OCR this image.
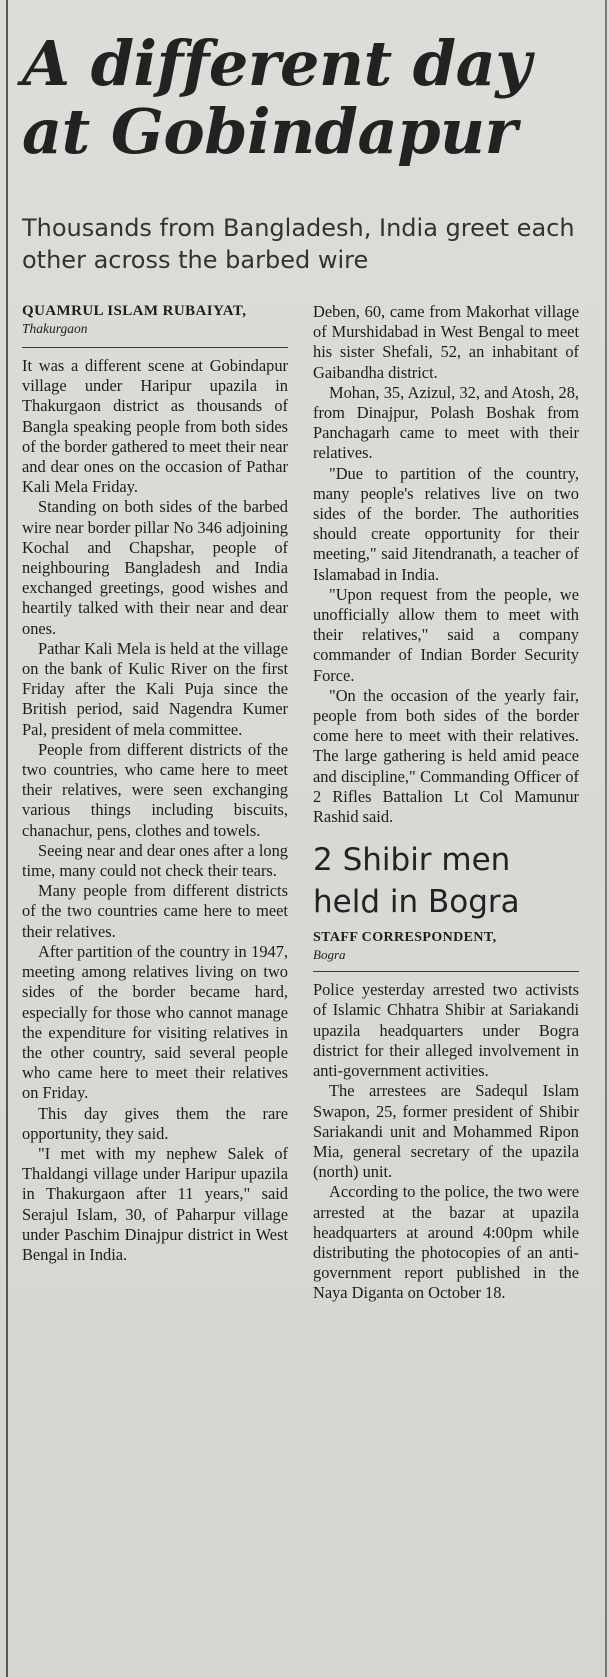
A different day at Gobindapur
Thousands from Bangladesh, India greet each other across the barbed wire

QUAMRUL ISLAM RUBAIYAT,

Thakurgaon

It was a different scene at Gobindapur village under Haripur upazila in Thakurgaon district as thousands of Bangla speaking people from both sides of the border gathered to meet their near and dear ones on the occasion of Pathar Kali Mela Friday.

Standing on both sides of the barbed wire near border pillar No 346 adjoining Kochal and Chapshar, people of neighbouring Bangladesh and India exchanged greetings, good wishes and heartily talked with their near and dear ones.

Pathar Kali Mela is held at the village on the bank of Kulic River on the first Friday after the Kali Puja since the British period, said Nagendra Kumer Pal, president of mela committee.

People from different districts of the two countries, who came here to meet their relatives, were seen exchanging various things including biscuits, chanachur, pens, clothes and towels.

Seeing near and dear ones after a long time, many could not check their tears.

Many people from different districts of the two countries came here to meet their relatives.

After partition of the country in 1947, meeting among relatives living on two sides of the border became hard, especially for those who cannot manage the expenditure for visiting relatives in the other country, said several people who came here to meet their relatives on Friday.

This day gives them the rare opportunity, they said.

"I met with my nephew Salek of Thaldangi village under Haripur upazila in Thakurgaon after 11 years," said Serajul Islam, 30, of Paharpur village under Paschim Dinajpur district in West Bengal in India.

Deben, 60, came from Makorhat village of Murshidabad in West Bengal to meet his sister Shefali, 52, an inhabitant of Gaibandha district.

Mohan, 35, Azizul, 32, and Atosh, 28, from Dinajpur, Polash Boshak from Panchagarh came to meet with their relatives.

"Due to partition of the country, many people's relatives live on two sides of the border. The authorities should create opportunity for their meeting," said Jitendranath, a teacher of Islamabad in India.

"Upon request from the people, we unofficially allow them to meet with their relatives," said a company commander of Indian Border Security Force.

"On the occasion of the yearly fair, people from both sides of the border come here to meet with their relatives. The large gathering is held amid peace and discipline," Commanding Officer of 2 Rifles Battalion Lt Col Mamunur Rashid said.

2 Shibir men held in Bogra

STAFF CORRESPONDENT,

Bogra

Police yesterday arrested two activists of Islamic Chhatra Shibir at Sariakandi upazila headquarters under Bogra district for their alleged involvement in anti-government activities.

The arrestees are Sadequl Islam Swapon, 25, former president of Shibir Sariakandi unit and Mohammed Ripon Mia, general secretary of the upazila (north) unit.

According to the police, the two were arrested at the bazar at upazila headquarters at around 4:00pm while distributing the photocopies of an anti-government report published in the Naya Diganta on October 18.
